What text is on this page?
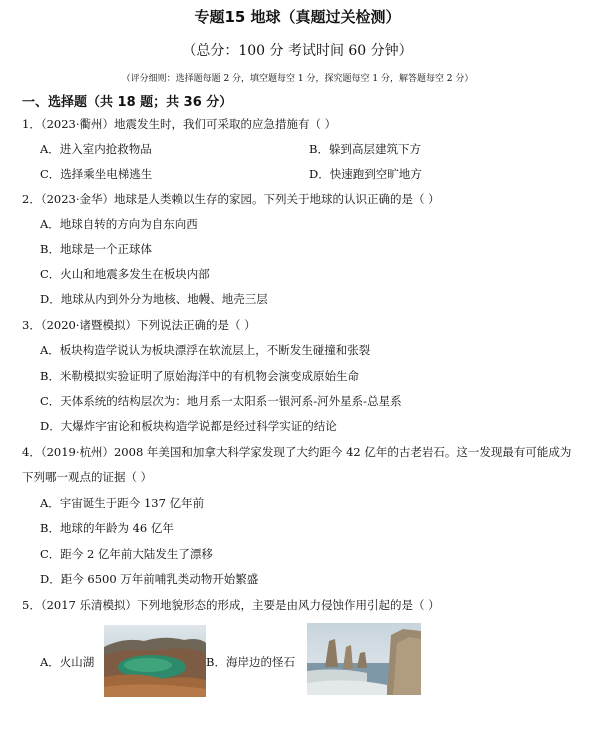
专题15 地球（真题过关检测）
（总分：100 分 考试时间 60 分钟）
（评分细则：选择题每题 2 分，填空题每空 1 分，探究题每空 1 分，解答题每空 2 分）
一、选择题（共 18 题；共 36 分）
1．（2023·衢州）地震发生时，我们可采取的应急措施有（ ）
A．进入室内抢救物品	B．躲到高层建筑下方
C．选择乘坐电梯逃生	D．快速跑到空旷地方
2．（2023·金华）地球是人类赖以生存的家园。下列关于地球的认识正确的是（ ）
A．地球自转的方向为自东向西
B．地球是一个正球体
C．火山和地震多发生在板块内部
D．地球从内到外分为地核、地幔、地壳三层
3．（2020·诸暨模拟）下列说法正确的是（ ）
A．板块构造学说认为板块漂浮在软流层上，不断发生碰撞和张裂
B．米勒模拟实验证明了原始海洋中的有机物会演变成原始生命
C．天体系统的结构层次为：地月系一太阳系一银河系-河外星系-总星系
D．大爆炸宇宙论和板块构造学说都是经过科学实证的结论
4．（2019·杭州）2008 年美国和加拿大科学家发现了大约距今 42 亿年的古老岩石。这一发现最有可能成为
下列哪一观点的证据（ ）
A．宇宙诞生于距今 137 亿年前
B．地球的年龄为 46 亿年
C．距今 2 亿年前大陆发生了漂移
D．距今 6500 万年前哺乳类动物开始繁盛
5．（2017 乐清模拟）下列地貌形态的形成，主要是由风力侵蚀作用引起的是（ ）
A．火山湖	B．海岸边的怪石
